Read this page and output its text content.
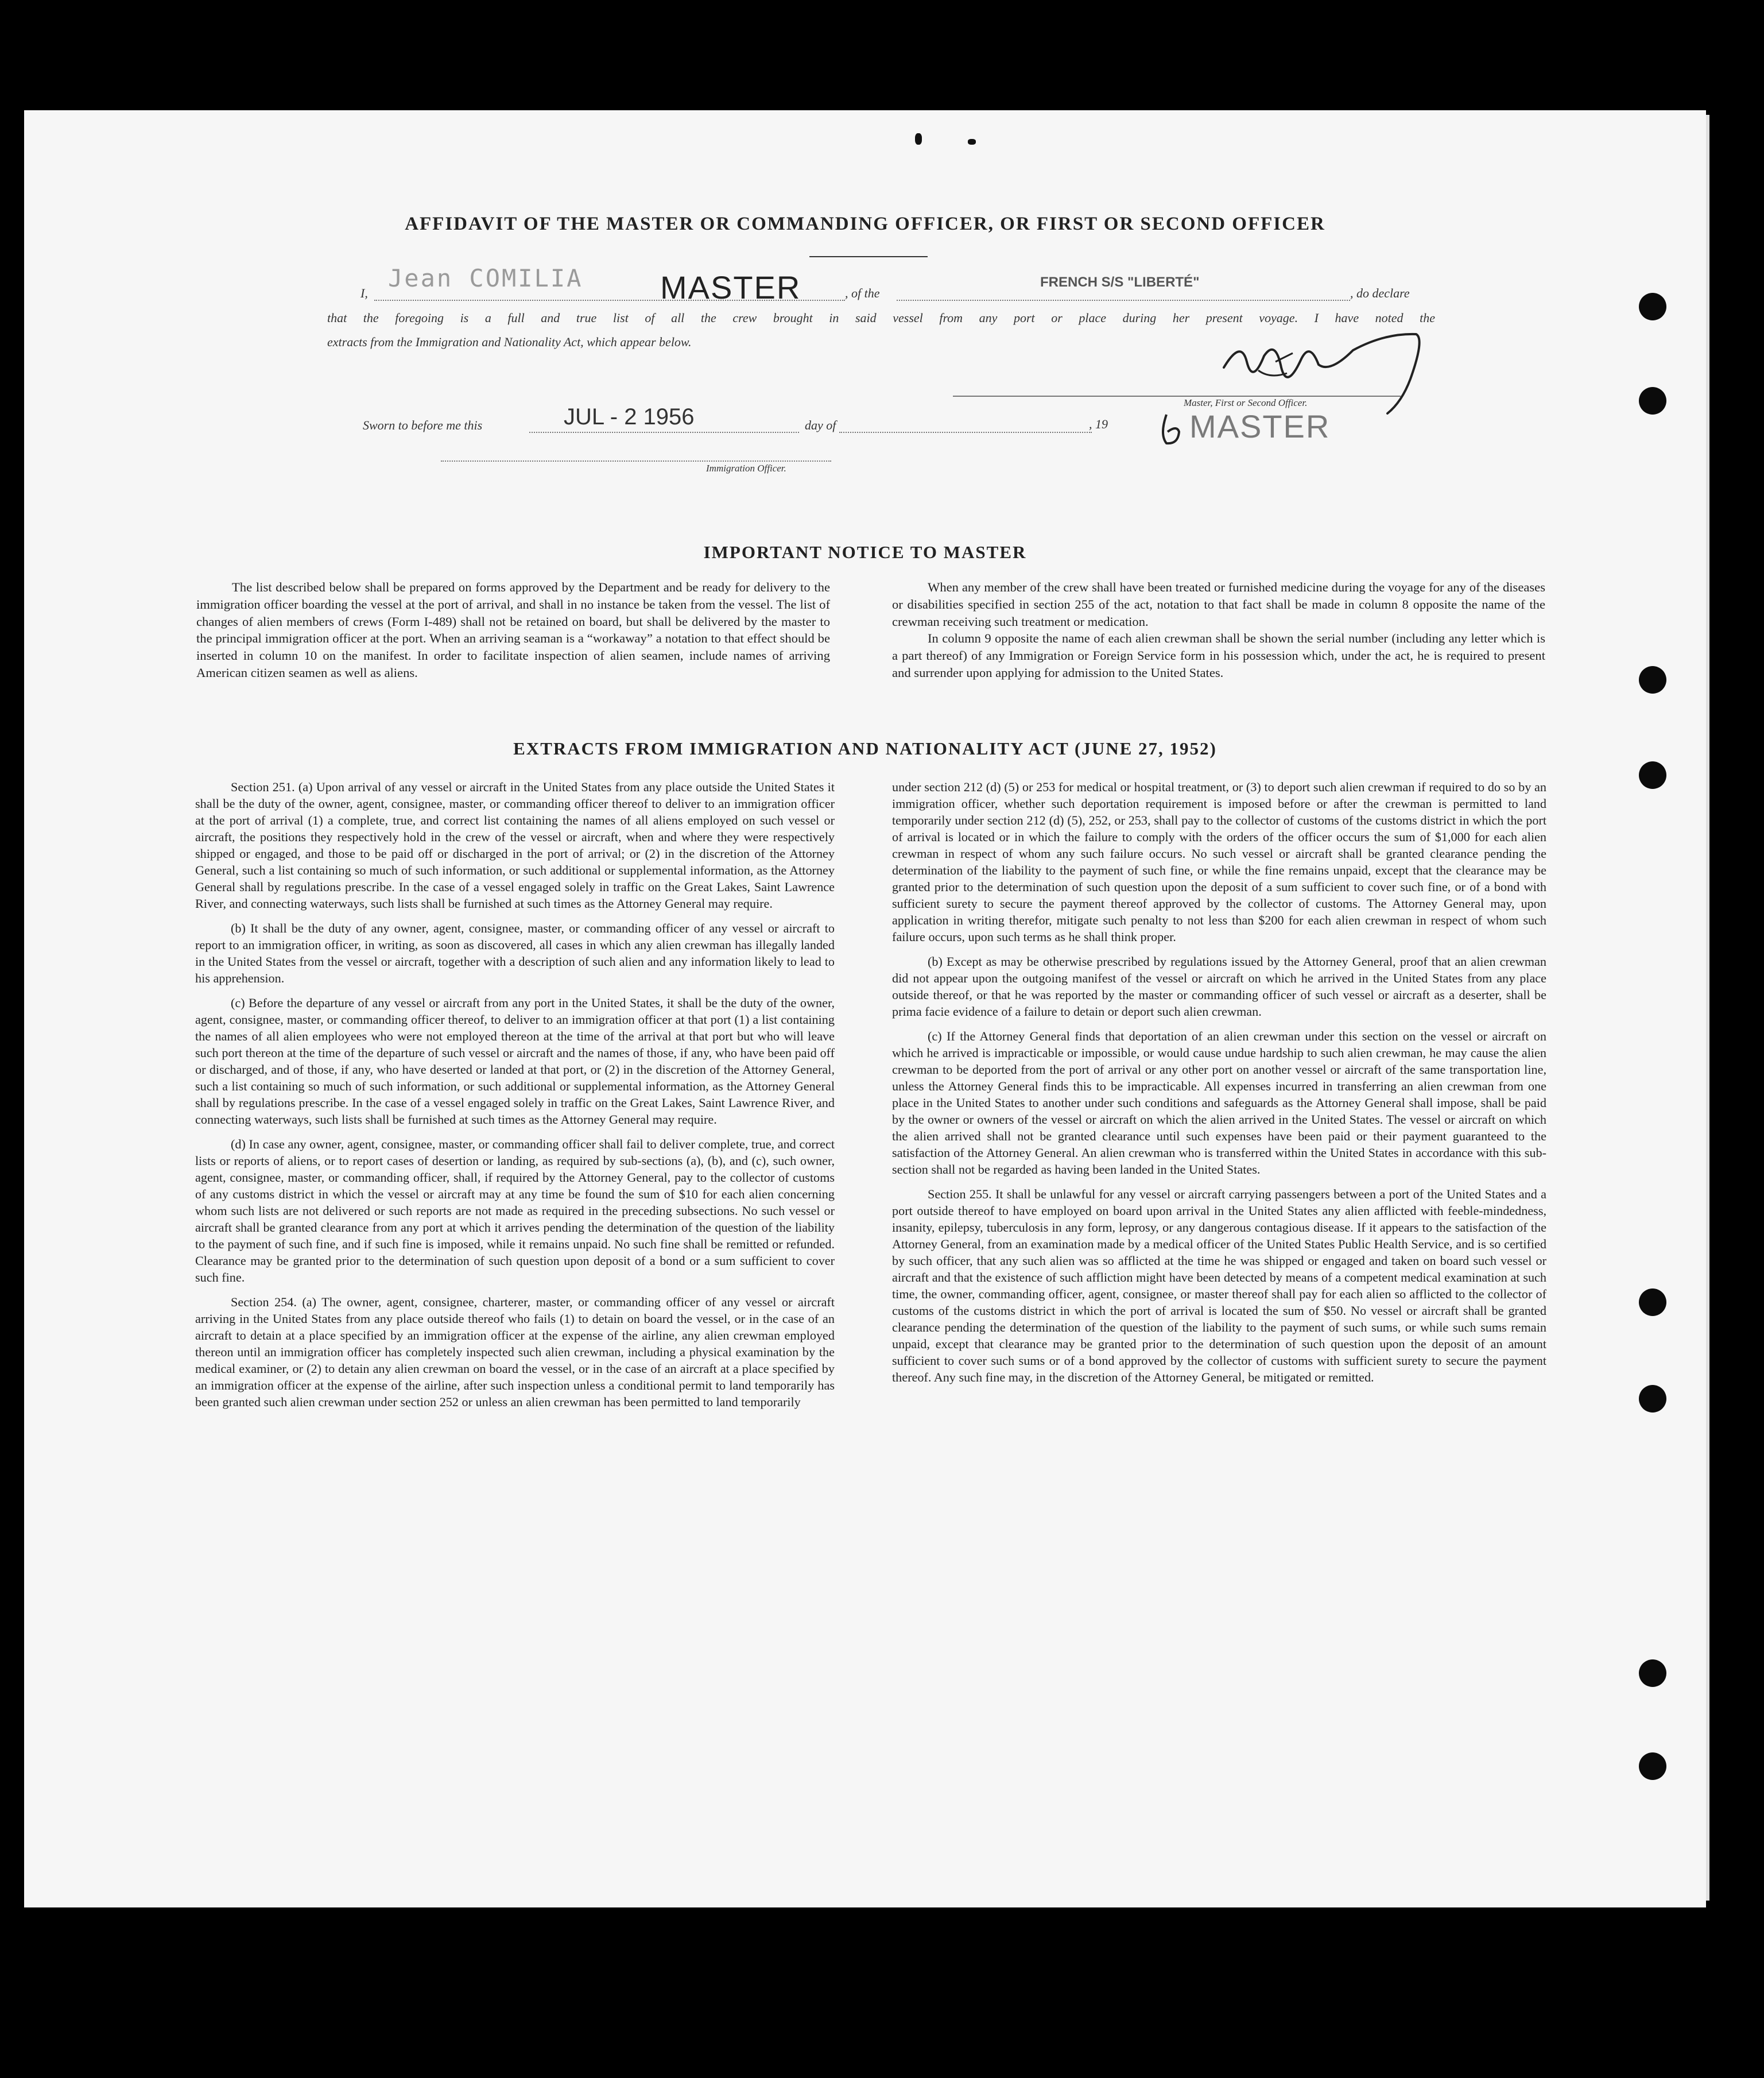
AFFIDAVIT OF THE MASTER OR COMMANDING OFFICER, OR FIRST OR SECOND OFFICER
I,
Jean COMILIA MASTER	, of the
FRENCH S/S "LIBERTÉ"
, do declare
that the foregoing is a full and true list of all the crew brought in said vessel from any port or place during her present voyage. I have noted the
extracts from the Immigration and Nationality Act, which appear below.
Master, First or Second Officer.
MASTER
Sworn to before me this	JUL - 2 1956	day of	, 19
Immigration Officer.
IMPORTANT NOTICE TO MASTER

The list described below shall be prepared on forms approved by the Department and be ready for delivery to the immigration officer boarding the vessel at the port of arrival, and shall in no instance be taken from the vessel. The list of changes of alien members of crews (Form I-489) shall not be retained on board, but shall be delivered by the master to the principal immigration officer at the port. When an arriving seaman is a “workaway” a notation to that effect should be inserted in column 10 on the manifest. In order to facilitate inspection of alien seamen, include names of arriving American citizen seamen as well as aliens.

When any member of the crew shall have been treated or furnished medicine during the voyage for any of the diseases or disabilities specified in section 255 of the act, notation to that fact shall be made in column 8 opposite the name of the crewman receiving such treatment or medication.

In column 9 opposite the name of each alien crewman shall be shown the serial number (including any letter which is a part thereof) of any Immigration or Foreign Service form in his possession which, under the act, he is required to present and surrender upon applying for admission to the United States.

EXTRACTS FROM IMMIGRATION AND NATIONALITY ACT (JUNE 27, 1952)

Section 251. (a) Upon arrival of any vessel or aircraft in the United States from any place outside the United States it shall be the duty of the owner, agent, consignee, master, or commanding officer thereof to deliver to an immigration officer at the port of arrival (1) a complete, true, and correct list containing the names of all aliens employed on such vessel or aircraft, the positions they respectively hold in the crew of the vessel or aircraft, when and where they were respectively shipped or engaged, and those to be paid off or discharged in the port of arrival; or (2) in the discretion of the Attorney General, such a list containing so much of such information, or such additional or supplemental information, as the Attorney General shall by regulations prescribe. In the case of a vessel engaged solely in traffic on the Great Lakes, Saint Lawrence River, and connecting waterways, such lists shall be furnished at such times as the Attorney General may require.

(b) It shall be the duty of any owner, agent, consignee, master, or commanding officer of any vessel or aircraft to report to an immigration officer, in writing, as soon as discovered, all cases in which any alien crewman has illegally landed in the United States from the vessel or aircraft, together with a description of such alien and any information likely to lead to his apprehension.

(c) Before the departure of any vessel or aircraft from any port in the United States, it shall be the duty of the owner, agent, consignee, master, or commanding officer thereof, to deliver to an immigration officer at that port (1) a list containing the names of all alien employees who were not employed thereon at the time of the arrival at that port but who will leave such port thereon at the time of the departure of such vessel or aircraft and the names of those, if any, who have been paid off or discharged, and of those, if any, who have deserted or landed at that port, or (2) in the discretion of the Attorney General, such a list containing so much of such information, or such additional or supplemental information, as the Attorney General shall by regulations prescribe. In the case of a vessel engaged solely in traffic on the Great Lakes, Saint Lawrence River, and connecting waterways, such lists shall be furnished at such times as the Attorney General may require.

(d) In case any owner, agent, consignee, master, or commanding officer shall fail to deliver complete, true, and correct lists or reports of aliens, or to report cases of desertion or landing, as required by sub-sections (a), (b), and (c), such owner, agent, consignee, master, or commanding officer, shall, if required by the Attorney General, pay to the collector of customs of any customs district in which the vessel or aircraft may at any time be found the sum of $10 for each alien concerning whom such lists are not delivered or such reports are not made as required in the preceding subsections. No such vessel or aircraft shall be granted clearance from any port at which it arrives pending the determination of the question of the liability to the payment of such fine, and if such fine is imposed, while it remains unpaid. No such fine shall be remitted or refunded. Clearance may be granted prior to the determination of such question upon deposit of a bond or a sum sufficient to cover such fine.

Section 254. (a) The owner, agent, consignee, charterer, master, or commanding officer of any vessel or aircraft arriving in the United States from any place outside thereof who fails (1) to detain on board the vessel, or in the case of an aircraft to detain at a place specified by an immigration officer at the expense of the airline, any alien crewman employed thereon until an immigration officer has completely inspected such alien crewman, including a physical examination by the medical examiner, or (2) to detain any alien crewman on board the vessel, or in the case of an aircraft at a place specified by an immigration officer at the expense of the airline, after such inspection unless a conditional permit to land temporarily has been granted such alien crewman under section 252 or unless an alien crewman has been permitted to land temporarily

under section 212 (d) (5) or 253 for medical or hospital treatment, or (3) to deport such alien crewman if required to do so by an immigration officer, whether such deportation requirement is imposed before or after the crewman is permitted to land temporarily under section 212 (d) (5), 252, or 253, shall pay to the collector of customs of the customs district in which the port of arrival is located or in which the failure to comply with the orders of the officer occurs the sum of $1,000 for each alien crewman in respect of whom any such failure occurs. No such vessel or aircraft shall be granted clearance pending the determination of the liability to the payment of such fine, or while the fine remains unpaid, except that the clearance may be granted prior to the determination of such question upon the deposit of a sum sufficient to cover such fine, or of a bond with sufficient surety to secure the payment thereof approved by the collector of customs. The Attorney General may, upon application in writing therefor, mitigate such penalty to not less than $200 for each alien crewman in respect of whom such failure occurs, upon such terms as he shall think proper.

(b) Except as may be otherwise prescribed by regulations issued by the Attorney General, proof that an alien crewman did not appear upon the outgoing manifest of the vessel or aircraft on which he arrived in the United States from any place outside thereof, or that he was reported by the master or commanding officer of such vessel or aircraft as a deserter, shall be prima facie evidence of a failure to detain or deport such alien crewman.

(c) If the Attorney General finds that deportation of an alien crewman under this section on the vessel or aircraft on which he arrived is impracticable or impossible, or would cause undue hardship to such alien crewman, he may cause the alien crewman to be deported from the port of arrival or any other port on another vessel or aircraft of the same transportation line, unless the Attorney General finds this to be impracticable. All expenses incurred in transferring an alien crewman from one place in the United States to another under such conditions and safeguards as the Attorney General shall impose, shall be paid by the owner or owners of the vessel or aircraft on which the alien arrived in the United States. The vessel or aircraft on which the alien arrived shall not be granted clearance until such expenses have been paid or their payment guaranteed to the satisfaction of the Attorney General. An alien crewman who is transferred within the United States in accordance with this sub-section shall not be regarded as having been landed in the United States.

Section 255. It shall be unlawful for any vessel or aircraft carrying passengers between a port of the United States and a port outside thereof to have employed on board upon arrival in the United States any alien afflicted with feeble-mindedness, insanity, epilepsy, tuberculosis in any form, leprosy, or any dangerous contagious disease. If it appears to the satisfaction of the Attorney General, from an examination made by a medical officer of the United States Public Health Service, and is so certified by such officer, that any such alien was so afflicted at the time he was shipped or engaged and taken on board such vessel or aircraft and that the existence of such affliction might have been detected by means of a competent medical examination at such time, the owner, commanding officer, agent, consignee, or master thereof shall pay for each alien so afflicted to the collector of customs of the customs district in which the port of arrival is located the sum of $50. No vessel or aircraft shall be granted clearance pending the determination of the question of the liability to the payment of such sums, or while such sums remain unpaid, except that clearance may be granted prior to the determination of such question upon the deposit of an amount sufficient to cover such sums or of a bond approved by the collector of customs with sufficient surety to secure the payment thereof. Any such fine may, in the discretion of the Attorney General, be mitigated or remitted.
